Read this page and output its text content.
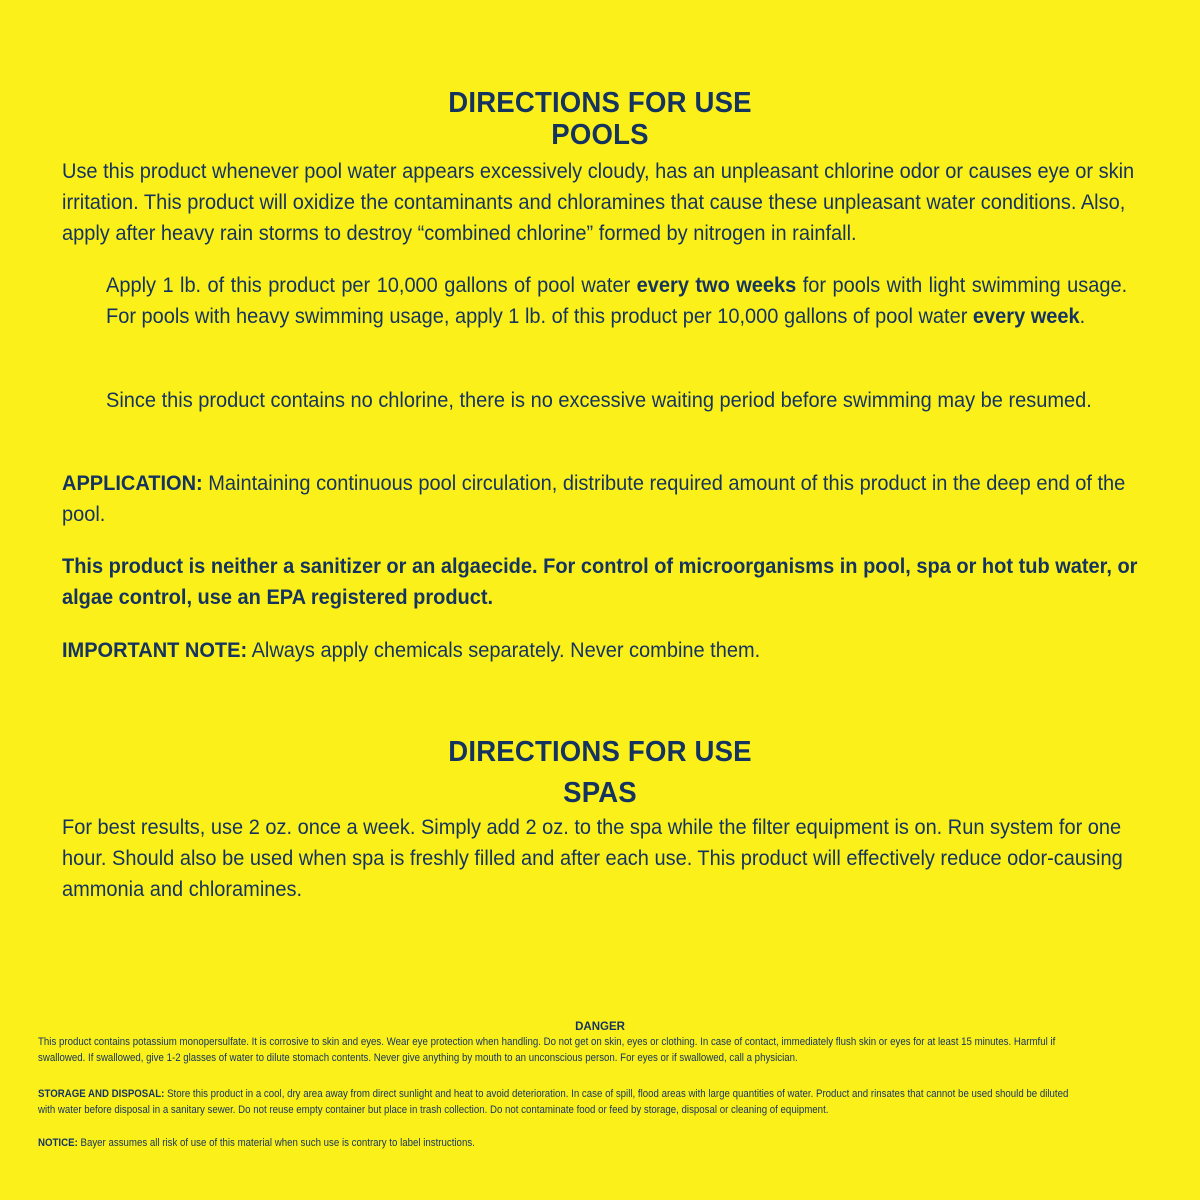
DIRECTIONS FOR USE
POOLS

Use this product whenever pool water appears excessively cloudy, has an unpleasant chlorine odor or causes eye or skin irritation. This product will oxidize the contaminants and chloramines that cause these unpleasant water conditions. Also, apply after heavy rain storms to destroy “combined chlorine” formed by nitrogen in rainfall.

Apply 1 lb. of this product per 10,000 gallons of pool water every two weeks for pools with light swimming usage. For pools with heavy swimming usage, apply 1 lb. of this product per 10,000 gallons of pool water every week.

Since this product contains no chlorine, there is no excessive waiting period before swimming may be resumed.

APPLICATION: Maintaining continuous pool circulation, distribute required amount of this product in the deep end of the pool.

This product is neither a sanitizer or an algaecide. For control of microorganisms in pool, spa or hot tub water, or algae control, use an EPA registered product.

IMPORTANT NOTE: Always apply chemicals separately. Never combine them.

DIRECTIONS FOR USE
SPAS

For best results, use 2 oz. once a week. Simply add 2 oz. to the spa while the filter equipment is on. Run system for one hour. Should also be used when spa is freshly filled and after each use. This product will effectively reduce odor-causing ammonia and chloramines.

DANGER

This product contains potassium monopersulfate. It is corrosive to skin and eyes. Wear eye protection when handling. Do not get on skin, eyes or clothing. In case of contact, immediately flush skin or eyes for at least 15 minutes. Harmful if swallowed. If swallowed, give 1-2 glasses of water to dilute stomach contents. Never give anything by mouth to an unconscious person. For eyes or if swallowed, call a physician.

STORAGE AND DISPOSAL: Store this product in a cool, dry area away from direct sunlight and heat to avoid deterioration. In case of spill, flood areas with large quantities of water. Product and rinsates that cannot be used should be diluted with water before disposal in a sanitary sewer. Do not reuse empty container but place in trash collection. Do not contaminate food or feed by storage, disposal or cleaning of equipment.

NOTICE: Bayer assumes all risk of use of this material when such use is contrary to label instructions.
